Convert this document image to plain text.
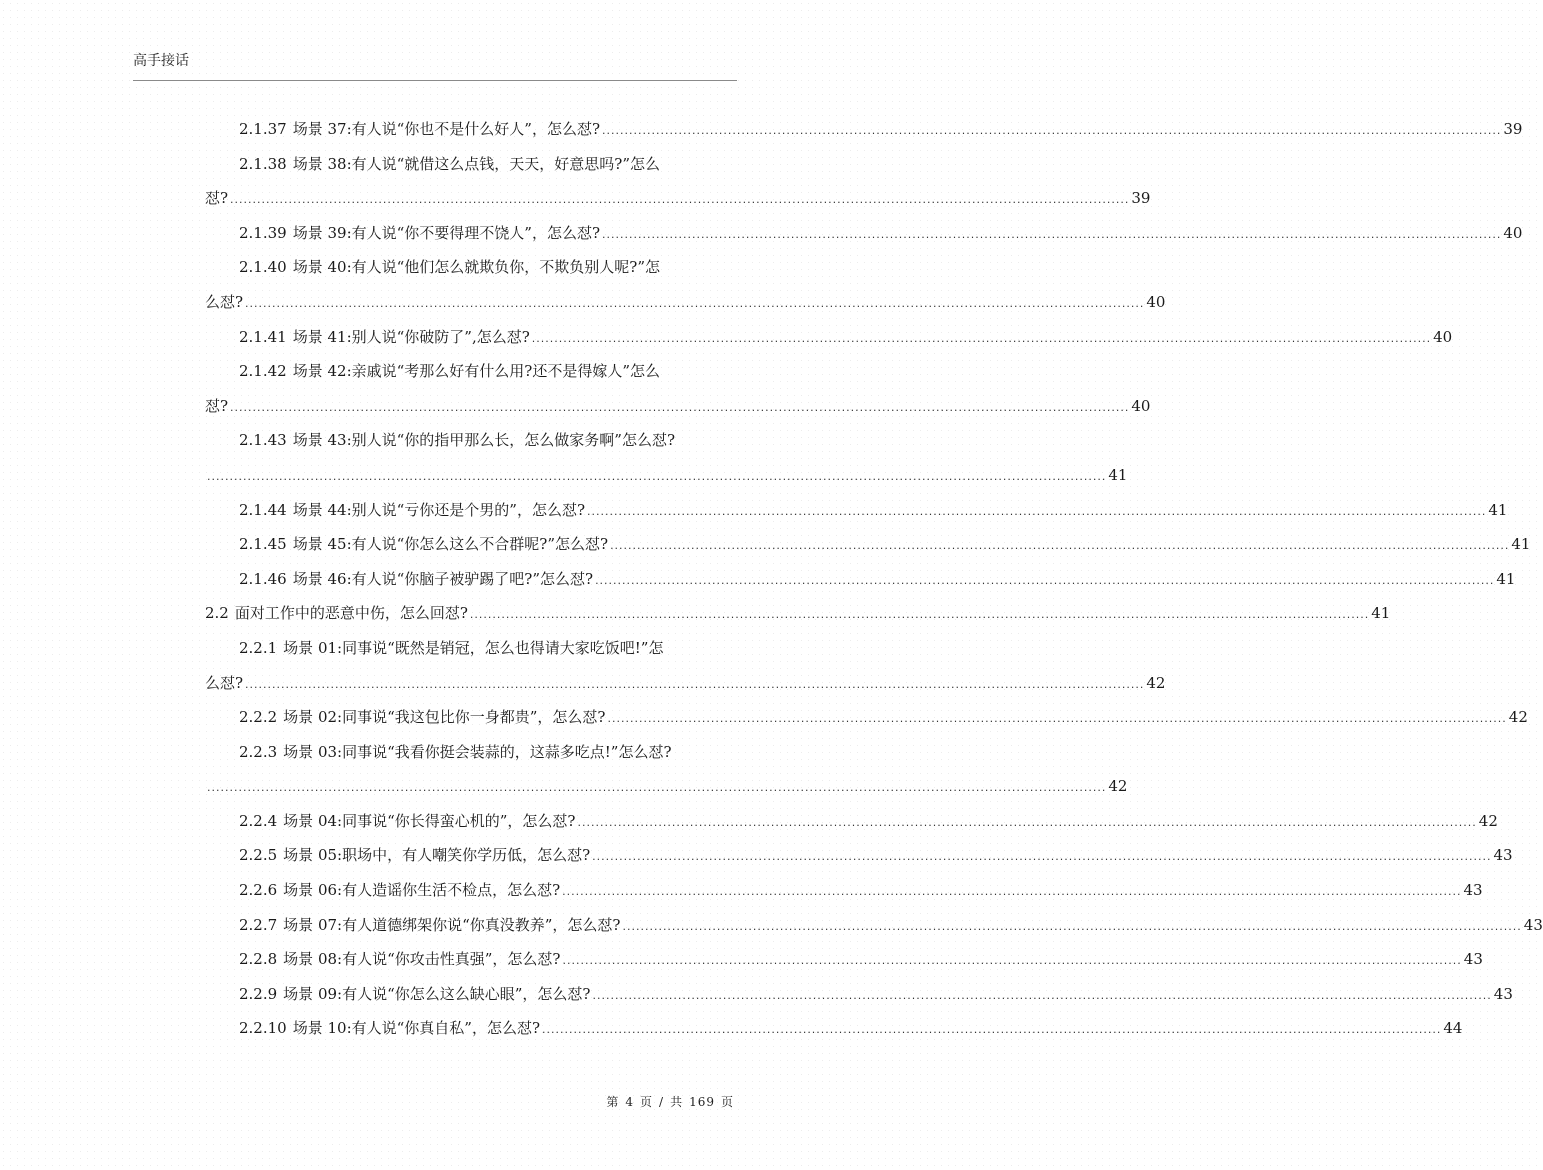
高手接话
2.1.37 场景 37:有人说“你也不是什么好人”，怎么怼? ........................................................................................................................................................................................................ 39
2.1.38 场景 38:有人说“就借这么点钱，天天，好意思吗?”怎么
怼? ........................................................................................................................................................................................................ 39
2.1.39 场景 39:有人说“你不要得理不饶人”，怎么怼? ........................................................................................................................................................................................................ 40
2.1.40 场景 40:有人说“他们怎么就欺负你，不欺负别人呢?”怎
么怼? ........................................................................................................................................................................................................ 40
2.1.41 场景 41:别人说“你破防了”,怎么怼? ........................................................................................................................................................................................................ 40
2.1.42 场景 42:亲戚说“考那么好有什么用?还不是得嫁人”怎么
怼? ........................................................................................................................................................................................................ 40
2.1.43 场景 43:别人说“你的指甲那么长，怎么做家务啊”怎么怼?
........................................................................................................................................................................................................ 41
2.1.44 场景 44:别人说“亏你还是个男的”，怎么怼? ........................................................................................................................................................................................................ 41
2.1.45 场景 45:有人说“你怎么这么不合群呢?”怎么怼? ........................................................................................................................................................................................................ 41
2.1.46 场景 46:有人说“你脑子被驴踢了吧?”怎么怼? ........................................................................................................................................................................................................ 41
2.2 面对工作中的恶意中伤，怎么回怼? ........................................................................................................................................................................................................ 41
2.2.1 场景 01:同事说“既然是销冠，怎么也得请大家吃饭吧!”怎
么怼? ........................................................................................................................................................................................................ 42
2.2.2 场景 02:同事说“我这包比你一身都贵”，怎么怼? ........................................................................................................................................................................................................ 42
2.2.3 场景 03:同事说“我看你挺会装蒜的，这蒜多吃点!”怎么怼?
........................................................................................................................................................................................................ 42
2.2.4 场景 04:同事说“你长得蛮心机的”，怎么怼? ........................................................................................................................................................................................................ 42
2.2.5 场景 05:职场中，有人嘲笑你学历低，怎么怼? ........................................................................................................................................................................................................ 43
2.2.6 场景 06:有人造谣你生活不检点，怎么怼? ........................................................................................................................................................................................................ 43
2.2.7 场景 07:有人道德绑架你说“你真没教养”，怎么怼? ........................................................................................................................................................................................................ 43
2.2.8 场景 08:有人说“你攻击性真强”，怎么怼? ........................................................................................................................................................................................................ 43
2.2.9 场景 09:有人说“你怎么这么缺心眼”，怎么怼? ........................................................................................................................................................................................................ 43
2.2.10 场景 10:有人说“你真自私”，怎么怼? ........................................................................................................................................................................................................ 44
第 4 页 / 共 169 页
